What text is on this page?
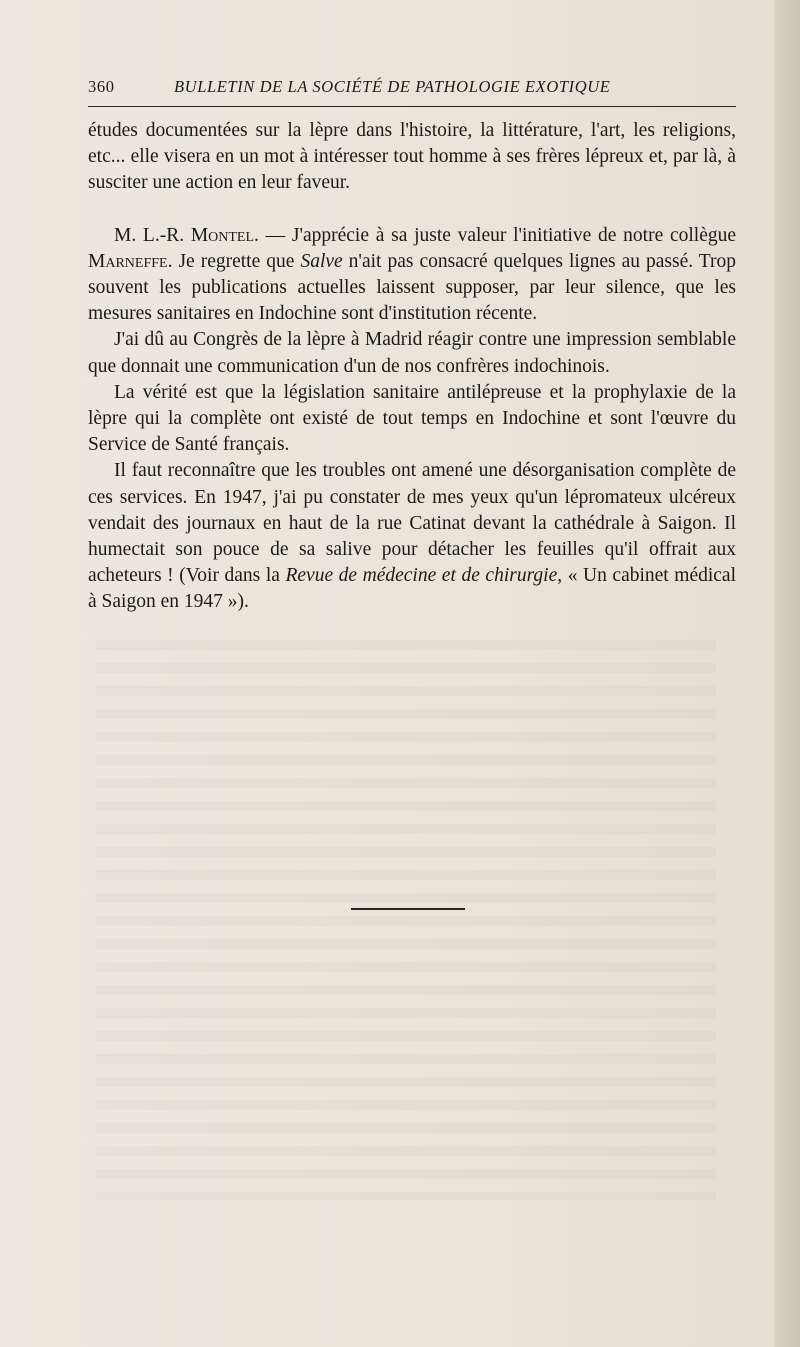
360	BULLETIN DE LA SOCIÉTÉ DE PATHOLOGIE EXOTIQUE

études documentées sur la lèpre dans l'histoire, la littérature, l'art, les religions, etc... elle visera en un mot à intéresser tout homme à ses frères lépreux et, par là, à susciter une action en leur faveur.

M. L.-R. Montel. — J'apprécie à sa juste valeur l'initiative de notre collègue Marneffe. Je regrette que Salve n'ait pas consacré quelques lignes au passé. Trop souvent les publications actuelles laissent supposer, par leur silence, que les mesures sanitaires en Indochine sont d'institution récente.

J'ai dû au Congrès de la lèpre à Madrid réagir contre une impression semblable que donnait une communication d'un de nos confrères indochinois.

La vérité est que la législation sanitaire antilépreuse et la prophylaxie de la lèpre qui la complète ont existé de tout temps en Indochine et sont l'œuvre du Service de Santé français.

Il faut reconnaître que les troubles ont amené une désorganisation complète de ces services. En 1947, j'ai pu constater de mes yeux qu'un lépromateux ulcéreux vendait des journaux en haut de la rue Catinat devant la cathédrale à Saigon. Il humectait son pouce de sa salive pour détacher les feuilles qu'il offrait aux acheteurs ! (Voir dans la Revue de médecine et de chirurgie, « Un cabinet médical à Saigon en 1947 »).
